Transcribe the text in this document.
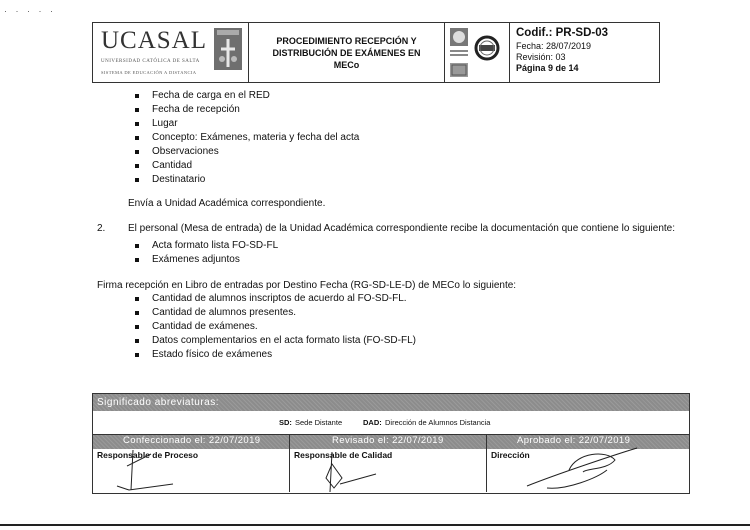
· · · · ·
UCASAL
UNIVERSIDAD CATÓLICA DE SALTA
SISTEMA DE EDUCACIÓN A DISTANCIA
PROCEDIMIENTO RECEPCIÓN Y
DISTRIBUCIÓN DE EXÁMENES EN
MECo
Codif.: PR-SD-03
Fecha: 28/07/2019
Revisión: 03
Página 9 de 14
Fecha de carga en el RED
Fecha de recepción
Lugar
Concepto: Exámenes, materia y fecha del acta
Observaciones
Cantidad
Destinatario
Envía a Unidad Académica correspondiente.
2. El personal (Mesa de entrada) de la Unidad Académica correspondiente recibe la documentación que contiene lo siguiente:
Acta formato lista FO-SD-FL
Exámenes adjuntos
Firma recepción en Libro de entradas por Destino Fecha (RG-SD-LE-D) de MECo lo siguiente:
Cantidad de alumnos inscriptos de acuerdo al FO-SD-FL.
Cantidad de alumnos presentes.
Cantidad de exámenes.
Datos complementarios en el acta formato lista (FO-SD-FL)
Estado físico de exámenes
Significado abreviaturas:
SD: Sede Distante	DAD: Dirección de Alumnos Distancia
Confeccionado el: 22/07/2019
Responsable de Proceso
Revisado el: 22/07/2019
Responsable de Calidad
Aprobado el: 22/07/2019
Dirección
